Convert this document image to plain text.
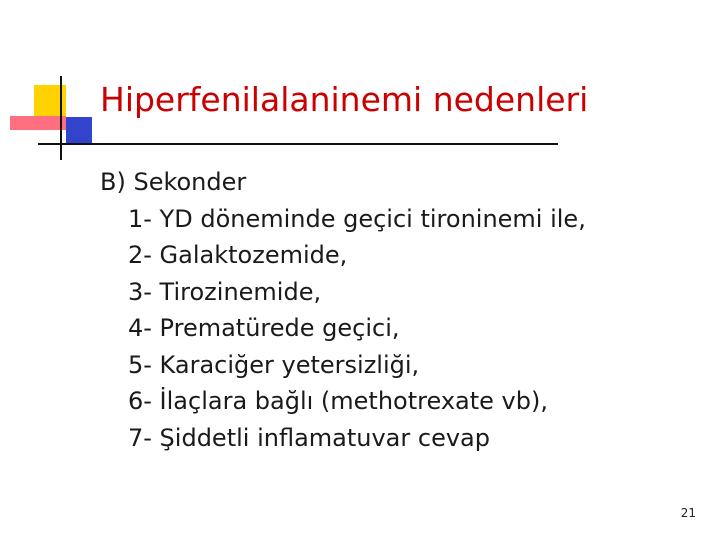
Hiperfenilalaninemi nedenleri

B) Sekonder

1- YD döneminde geçici tironinemi ile,
2- Galaktozemide,
3- Tirozinemide,
4- Prematürede geçici,
5- Karaciğer yetersizliği,
6- İlaçlara bağlı (methotrexate vb),
7- Şiddetli inflamatuvar cevap
21
